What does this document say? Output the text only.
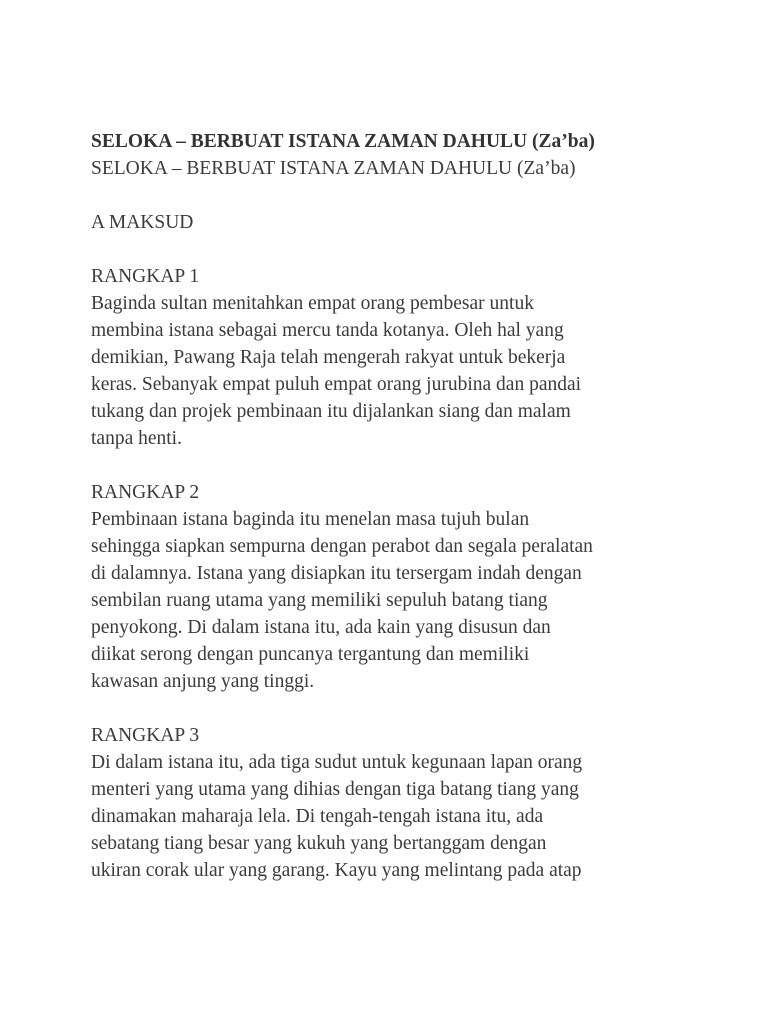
SELOKA – BERBUAT ISTANA ZAMAN DAHULU (Za’ba)

SELOKA – BERBUAT ISTANA ZAMAN DAHULU (Za’ba)

A MAKSUD

RANGKAP 1

Baginda sultan menitahkan empat orang pembesar untuk

membina istana sebagai mercu tanda kotanya. Oleh hal yang

demikian, Pawang Raja telah mengerah rakyat untuk bekerja

keras. Sebanyak empat puluh empat orang jurubina dan pandai

tukang dan projek pembinaan itu dijalankan siang dan malam

tanpa henti.

RANGKAP 2

Pembinaan istana baginda itu menelan masa tujuh bulan

sehingga siapkan sempurna dengan perabot dan segala peralatan

di dalamnya. Istana yang disiapkan itu tersergam indah dengan

sembilan ruang utama yang memiliki sepuluh batang tiang

penyokong. Di dalam istana itu, ada kain yang disusun dan

diikat serong dengan puncanya tergantung dan memiliki

kawasan anjung yang tinggi.

RANGKAP 3

Di dalam istana itu, ada tiga sudut untuk kegunaan lapan orang

menteri yang utama yang dihias dengan tiga batang tiang yang

dinamakan maharaja lela. Di tengah-tengah istana itu, ada

sebatang tiang besar yang kukuh yang bertanggam dengan

ukiran corak ular yang garang. Kayu yang melintang pada atap
